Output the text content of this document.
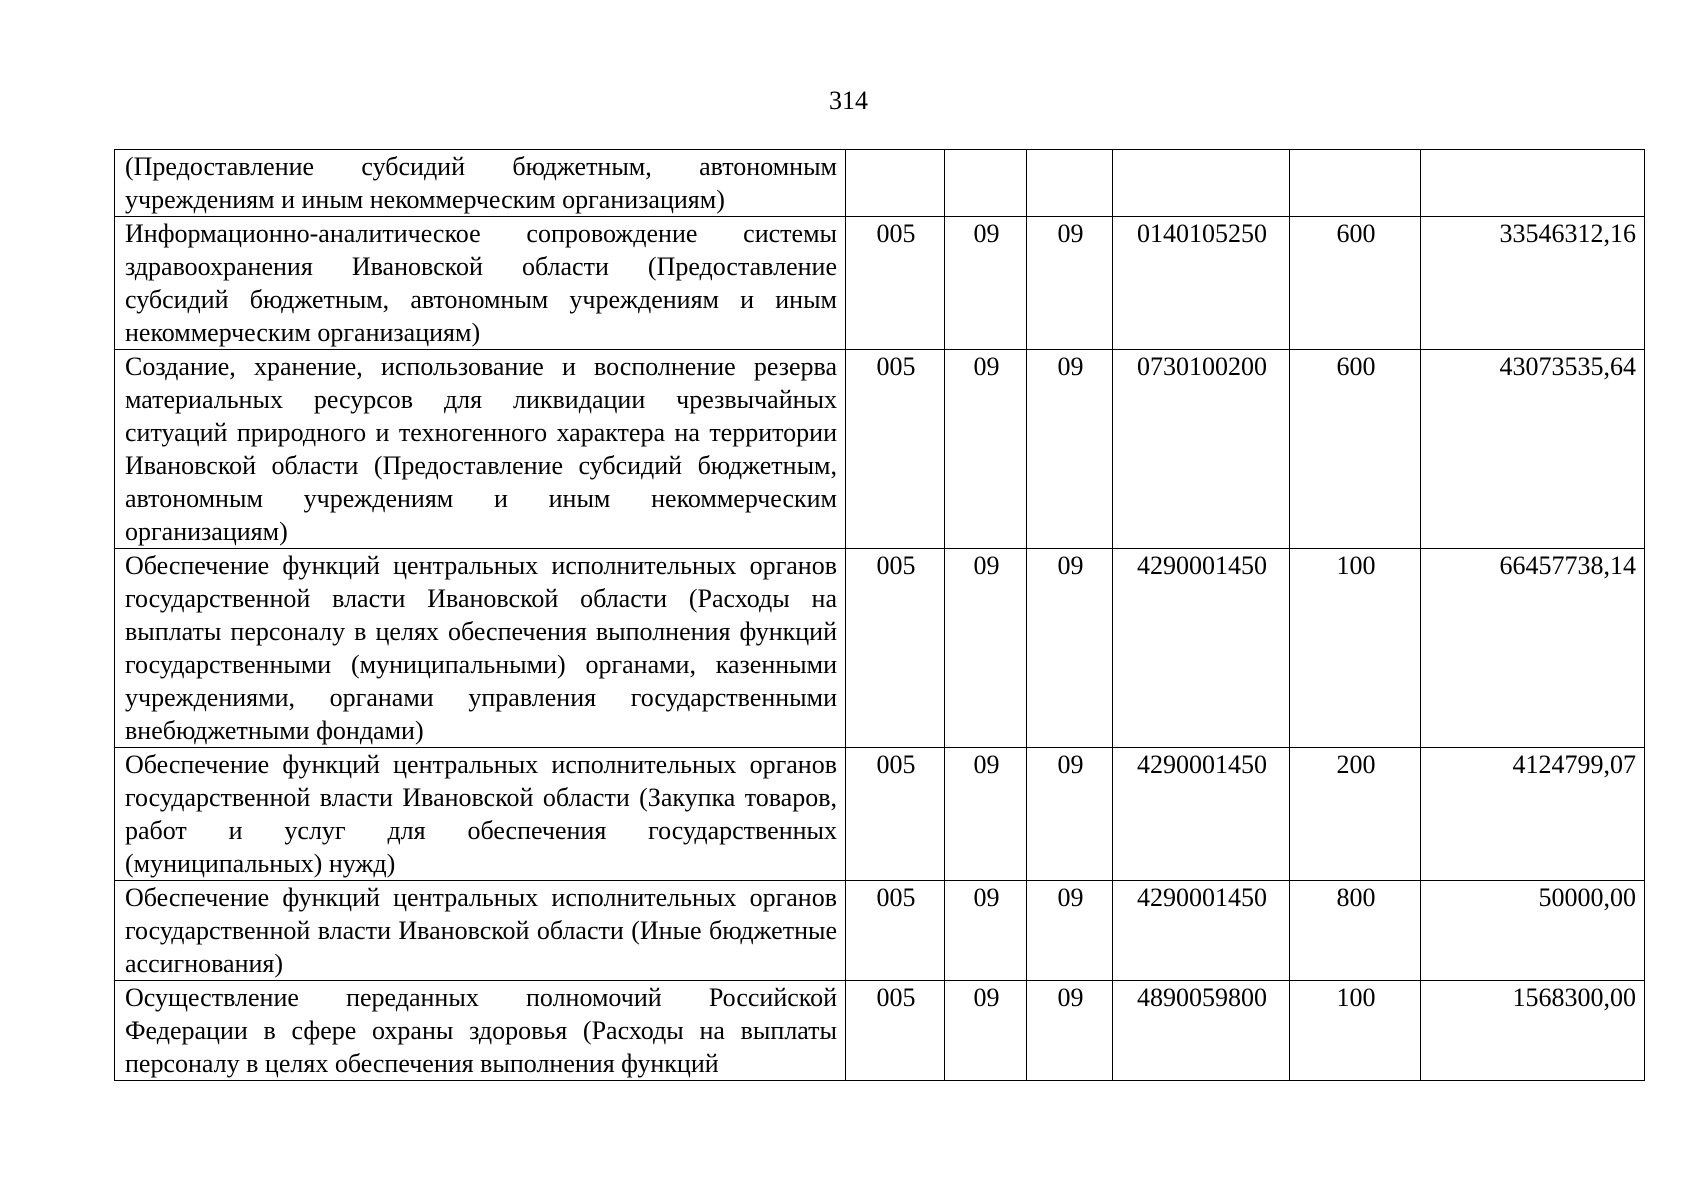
314
(Предоставление субсидий бюджетным, автономным учреждениям и иным некоммерческим организациям)						
Информационно-аналитическое сопровождение системы здравоохранения Ивановской области (Предоставление субсидий бюджетным, автономным учреждениям и иным некоммерческим организациям)	005	09	09	0140105250	600	33546312,16
Создание, хранение, использование и восполнение резерва материальных ресурсов для ликвидации чрезвычайных ситуаций природного и техногенного характера на территории Ивановской области (Предоставление субсидий бюджетным, автономным учреждениям и иным некоммерческим организациям)	005	09	09	0730100200	600	43073535,64
Обеспечение функций центральных исполнительных органов государственной власти Ивановской области (Расходы на выплаты персоналу в целях обеспечения выполнения функций государственными (муниципальными) органами, казенными учреждениями, органами управления государственными внебюджетными фондами)	005	09	09	4290001450	100	66457738,14
Обеспечение функций центральных исполнительных органов государственной власти Ивановской области (Закупка товаров, работ и услуг для обеспечения государственных (муниципальных) нужд)	005	09	09	4290001450	200	4124799,07
Обеспечение функций центральных исполнительных органов государственной власти Ивановской области (Иные бюджетные ассигнования)	005	09	09	4290001450	800	50000,00
Осуществление переданных полномочий Российской Федерации в сфере охраны здоровья (Расходы на выплаты персоналу в целях обеспечения выполнения функций	005	09	09	4890059800	100	1568300,00
